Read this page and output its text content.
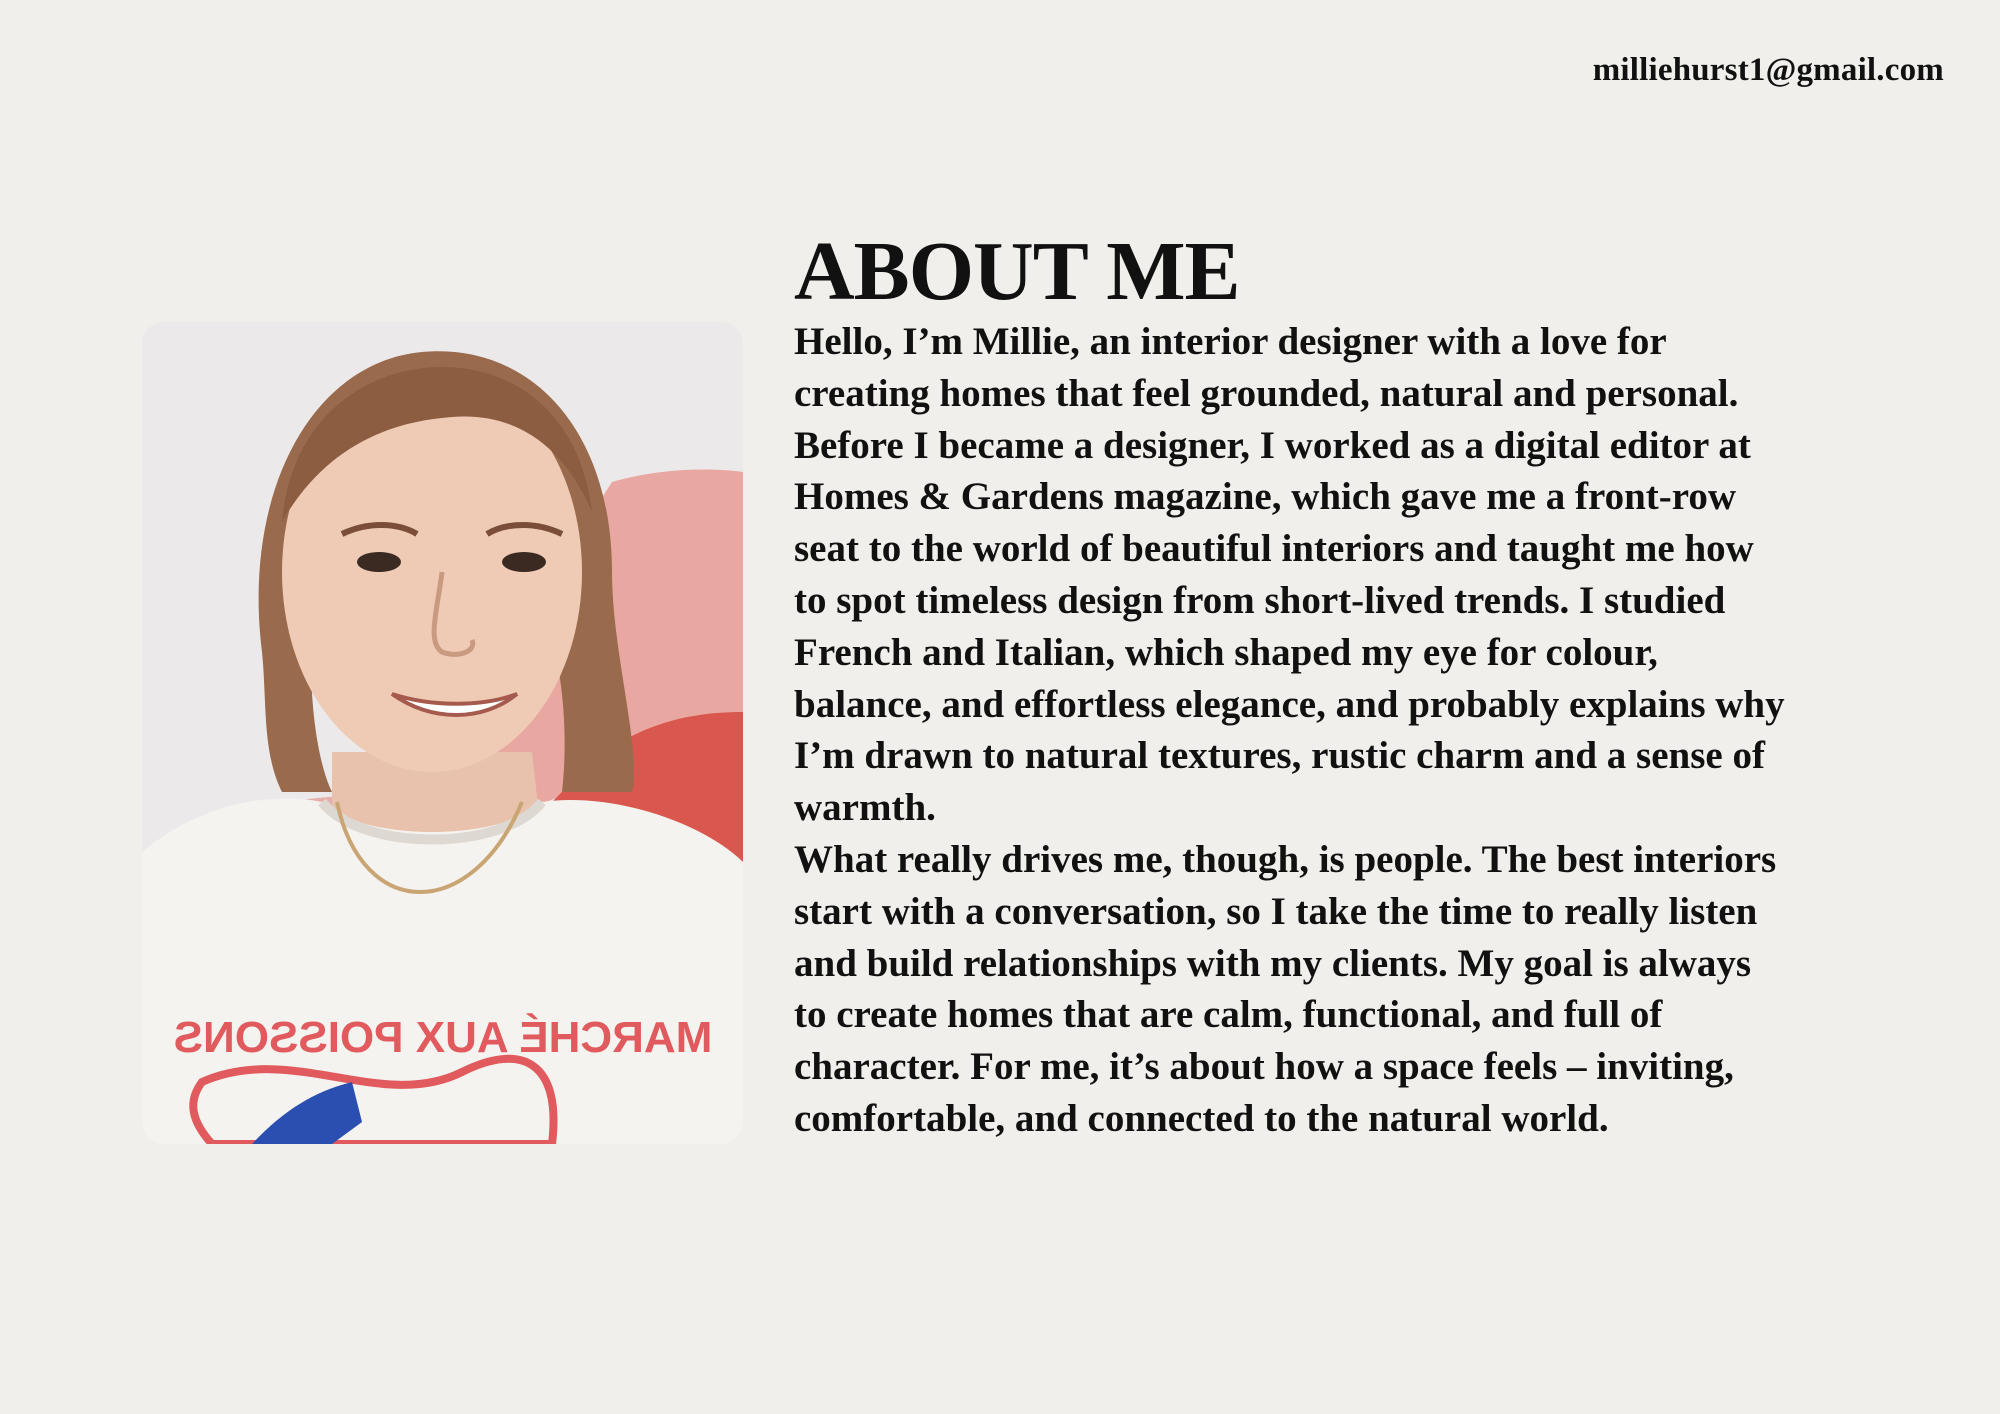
milliehurst1@gmail.com
MARCHÉ AUX POISSONS
ABOUT ME

Hello, I’m Millie, an interior designer with a love for
creating homes that feel grounded, natural and personal.
Before I became a designer, I worked as a digital editor at
Homes & Gardens magazine, which gave me a front-row
seat to the world of beautiful interiors and taught me how
to spot timeless design from short-lived trends. I studied
French and Italian, which shaped my eye for colour,
balance, and effortless elegance, and probably explains why
I’m drawn to natural textures, rustic charm and a sense of
warmth.

What really drives me, though, is people. The best interiors
start with a conversation, so I take the time to really listen
and build relationships with my clients. My goal is always
to create homes that are calm, functional, and full of
character. For me, it’s about how a space feels – inviting,
comfortable, and connected to the natural world.
